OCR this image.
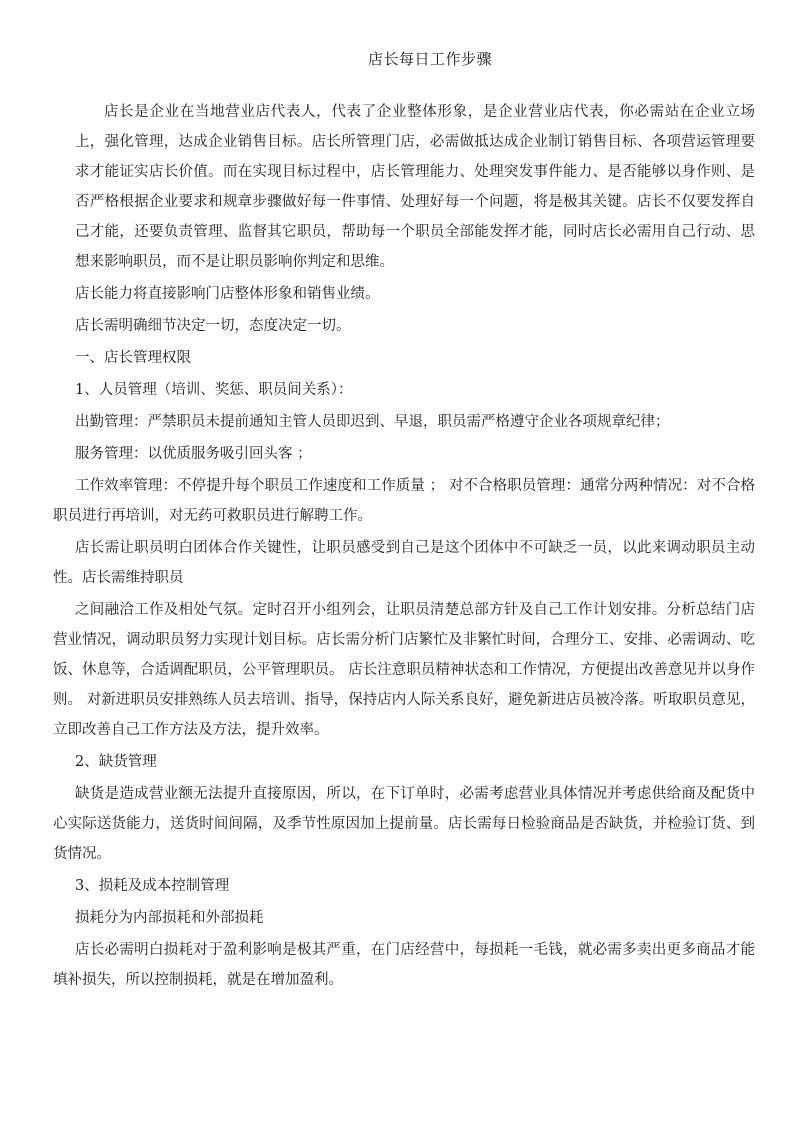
店长每日工作步骤

店长是企业在当地营业店代表人，代表了企业整体形象，是企业营业店代表，你必需站在企业立场上，强化管理，达成企业销售目标。店长所管理门店，必需做抵达成企业制订销售目标、各项营运管理要求才能证实店长价值。而在实现目标过程中，店长管理能力、处理突发事件能力、是否能够以身作则、是否严格根据企业要求和规章步骤做好每一件事情、处理好每一个问题，将是极其关键。店长不仅要发挥自己才能，还要负责管理、监督其它职员，帮助每一个职员全部能发挥才能，同时店长必需用自己行动、思想来影响职员，而不是让职员影响你判定和思维。

店长能力将直接影响门店整体形象和销售业绩。

店长需明确细节决定一切，态度决定一切。

一、店长管理权限

1、人员管理（培训、奖惩、职员间关系）：

出勤管理：严禁职员未提前通知主管人员即迟到、早退，职员需严格遵守企业各项规章纪律；

服务管理：以优质服务吸引回头客 ；

工作效率管理：不停提升每个职员工作速度和工作质量 ； 对不合格职员管理：通常分两种情况：对不合格职员进行再培训，对无药可救职员进行解聘工作。

店长需让职员明白团体合作关键性，让职员感受到自己是这个团体中不可缺乏一员，以此来调动职员主动性。店长需维持职员

之间融洽工作及相处气氛。定时召开小组列会，让职员清楚总部方针及自己工作计划安排。分析总结门店营业情况，调动职员努力实现计划目标。店长需分析门店繁忙及非繁忙时间，合理分工、安排、必需调动、吃饭、休息等，合适调配职员，公平管理职员。 店长注意职员精神状态和工作情况，方便提出改善意见并以身作则。 对新进职员安排熟练人员去培训、指导，保持店内人际关系良好，避免新进店员被冷落。听取职员意见，立即改善自己工作方法及方法，提升效率。

2、缺货管理

缺货是造成营业额无法提升直接原因，所以，在下订单时，必需考虑营业具体情况并考虑供给商及配货中心实际送货能力，送货时间间隔，及季节性原因加上提前量。店长需每日检验商品是否缺货，并检验订货、到货情况。

3、损耗及成本控制管理

损耗分为内部损耗和外部损耗

店长必需明白损耗对于盈利影响是极其严重，在门店经营中，每损耗一毛钱，就必需多卖出更多商品才能填补损失，所以控制损耗，就是在增加盈利。
